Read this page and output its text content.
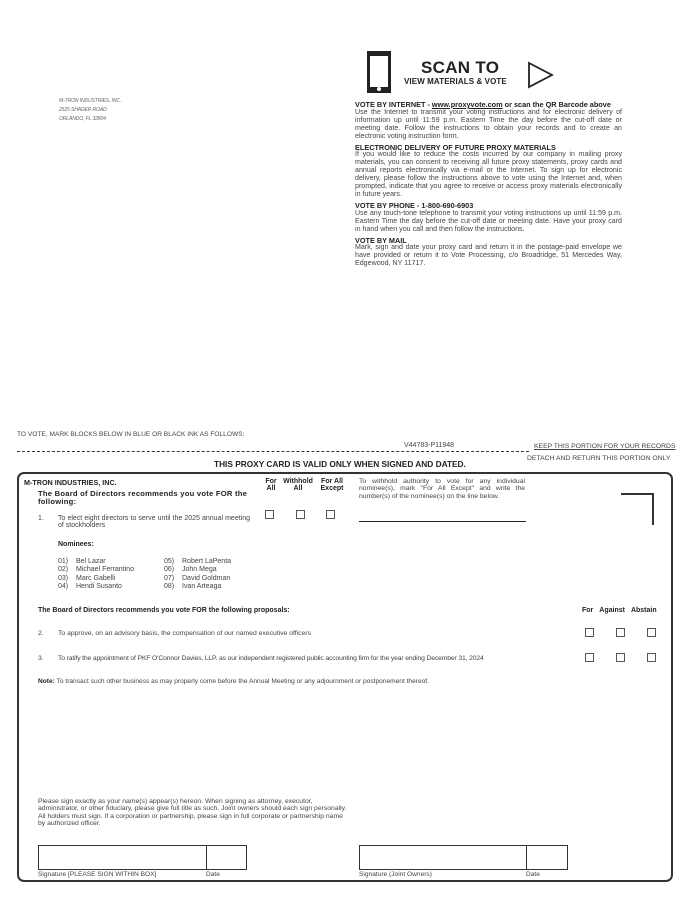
M-TRON INDUSTRIES, INC.
2525 SHADER ROAD
ORLANDO, FL 32804
SCAN TO
VIEW MATERIALS & VOTE

VOTE BY INTERNET - www.proxyvote.com or scan the QR Barcode above
Use the Internet to transmit your voting instructions and for electronic delivery of information up until 11:59 p.m. Eastern Time the day before the cut-off date or meeting date. Follow the instructions to obtain your records and to create an electronic voting instruction form.

ELECTRONIC DELIVERY OF FUTURE PROXY MATERIALS
If you would like to reduce the costs incurred by our company in mailing proxy materials, you can consent to receiving all future proxy statements, proxy cards and annual reports electronically via e-mail or the Internet. To sign up for electronic delivery, please follow the instructions above to vote using the Internet and, when prompted, indicate that you agree to receive or access proxy materials electronically in future years.
VOTE BY PHONE - 1-800-690-6903
Use any touch-tone telephone to transmit your voting instructions up until 11:59 p.m. Eastern Time the day before the cut-off date or meeting date. Have your proxy card in hand when you call and then follow the instructions.
VOTE BY MAIL
Mark, sign and date your proxy card and return it in the postage-paid envelope we have provided or return it to Vote Processing, c/o Broadridge, 51 Mercedes Way, Edgewood, NY 11717.
TO VOTE, MARK BLOCKS BELOW IN BLUE OR BLACK INK AS FOLLOWS:
V44783-P11948	KEEP THIS PORTION FOR YOUR RECORDS
DETACH AND RETURN THIS PORTION ONLY
THIS PROXY CARD IS VALID ONLY WHEN SIGNED AND DATED.
M-TRON INDUSTRIES, INC.
The Board of Directors recommends you vote FOR the following:
1. To elect eight directors to serve until the 2025 annual meeting of stockholders
For
All
Withhold
All
For All
Except
To withhold authority to vote for any individual nominee(s), mark "For All Except" and write the number(s) of the nominee(s) on the line below.
Nominees:
01) Bel Lazar
02) Michael Ferrantino
03) Marc Gabelli
04) Hendi Susanto
05) Robert LaPenta
06) John Mega
07) David Goldman
08) Ivan Arteaga
The Board of Directors recommends you vote FOR the following proposals:	For Against Abstain
2. To approve, on an advisory basis, the compensation of our named executive officers
3. To ratify the appointment of PKF O'Connor Davies, LLP. as our independent registered public accounting firm for the year ending December 31, 2024
Note: To transact such other business as may properly come before the Annual Meeting or any adjournment or postponement thereof.
Please sign exactly as your name(s) appear(s) hereon. When signing as attorney, executor, administrator, or other fiduciary, please give full title as such. Joint owners should each sign personally. All holders must sign. If a corporation or partnership, please sign in full corporate or partnership name by authorized officer.
Signature [PLEASE SIGN WITHIN BOX]	Date	Signature (Joint Owners)	Date
